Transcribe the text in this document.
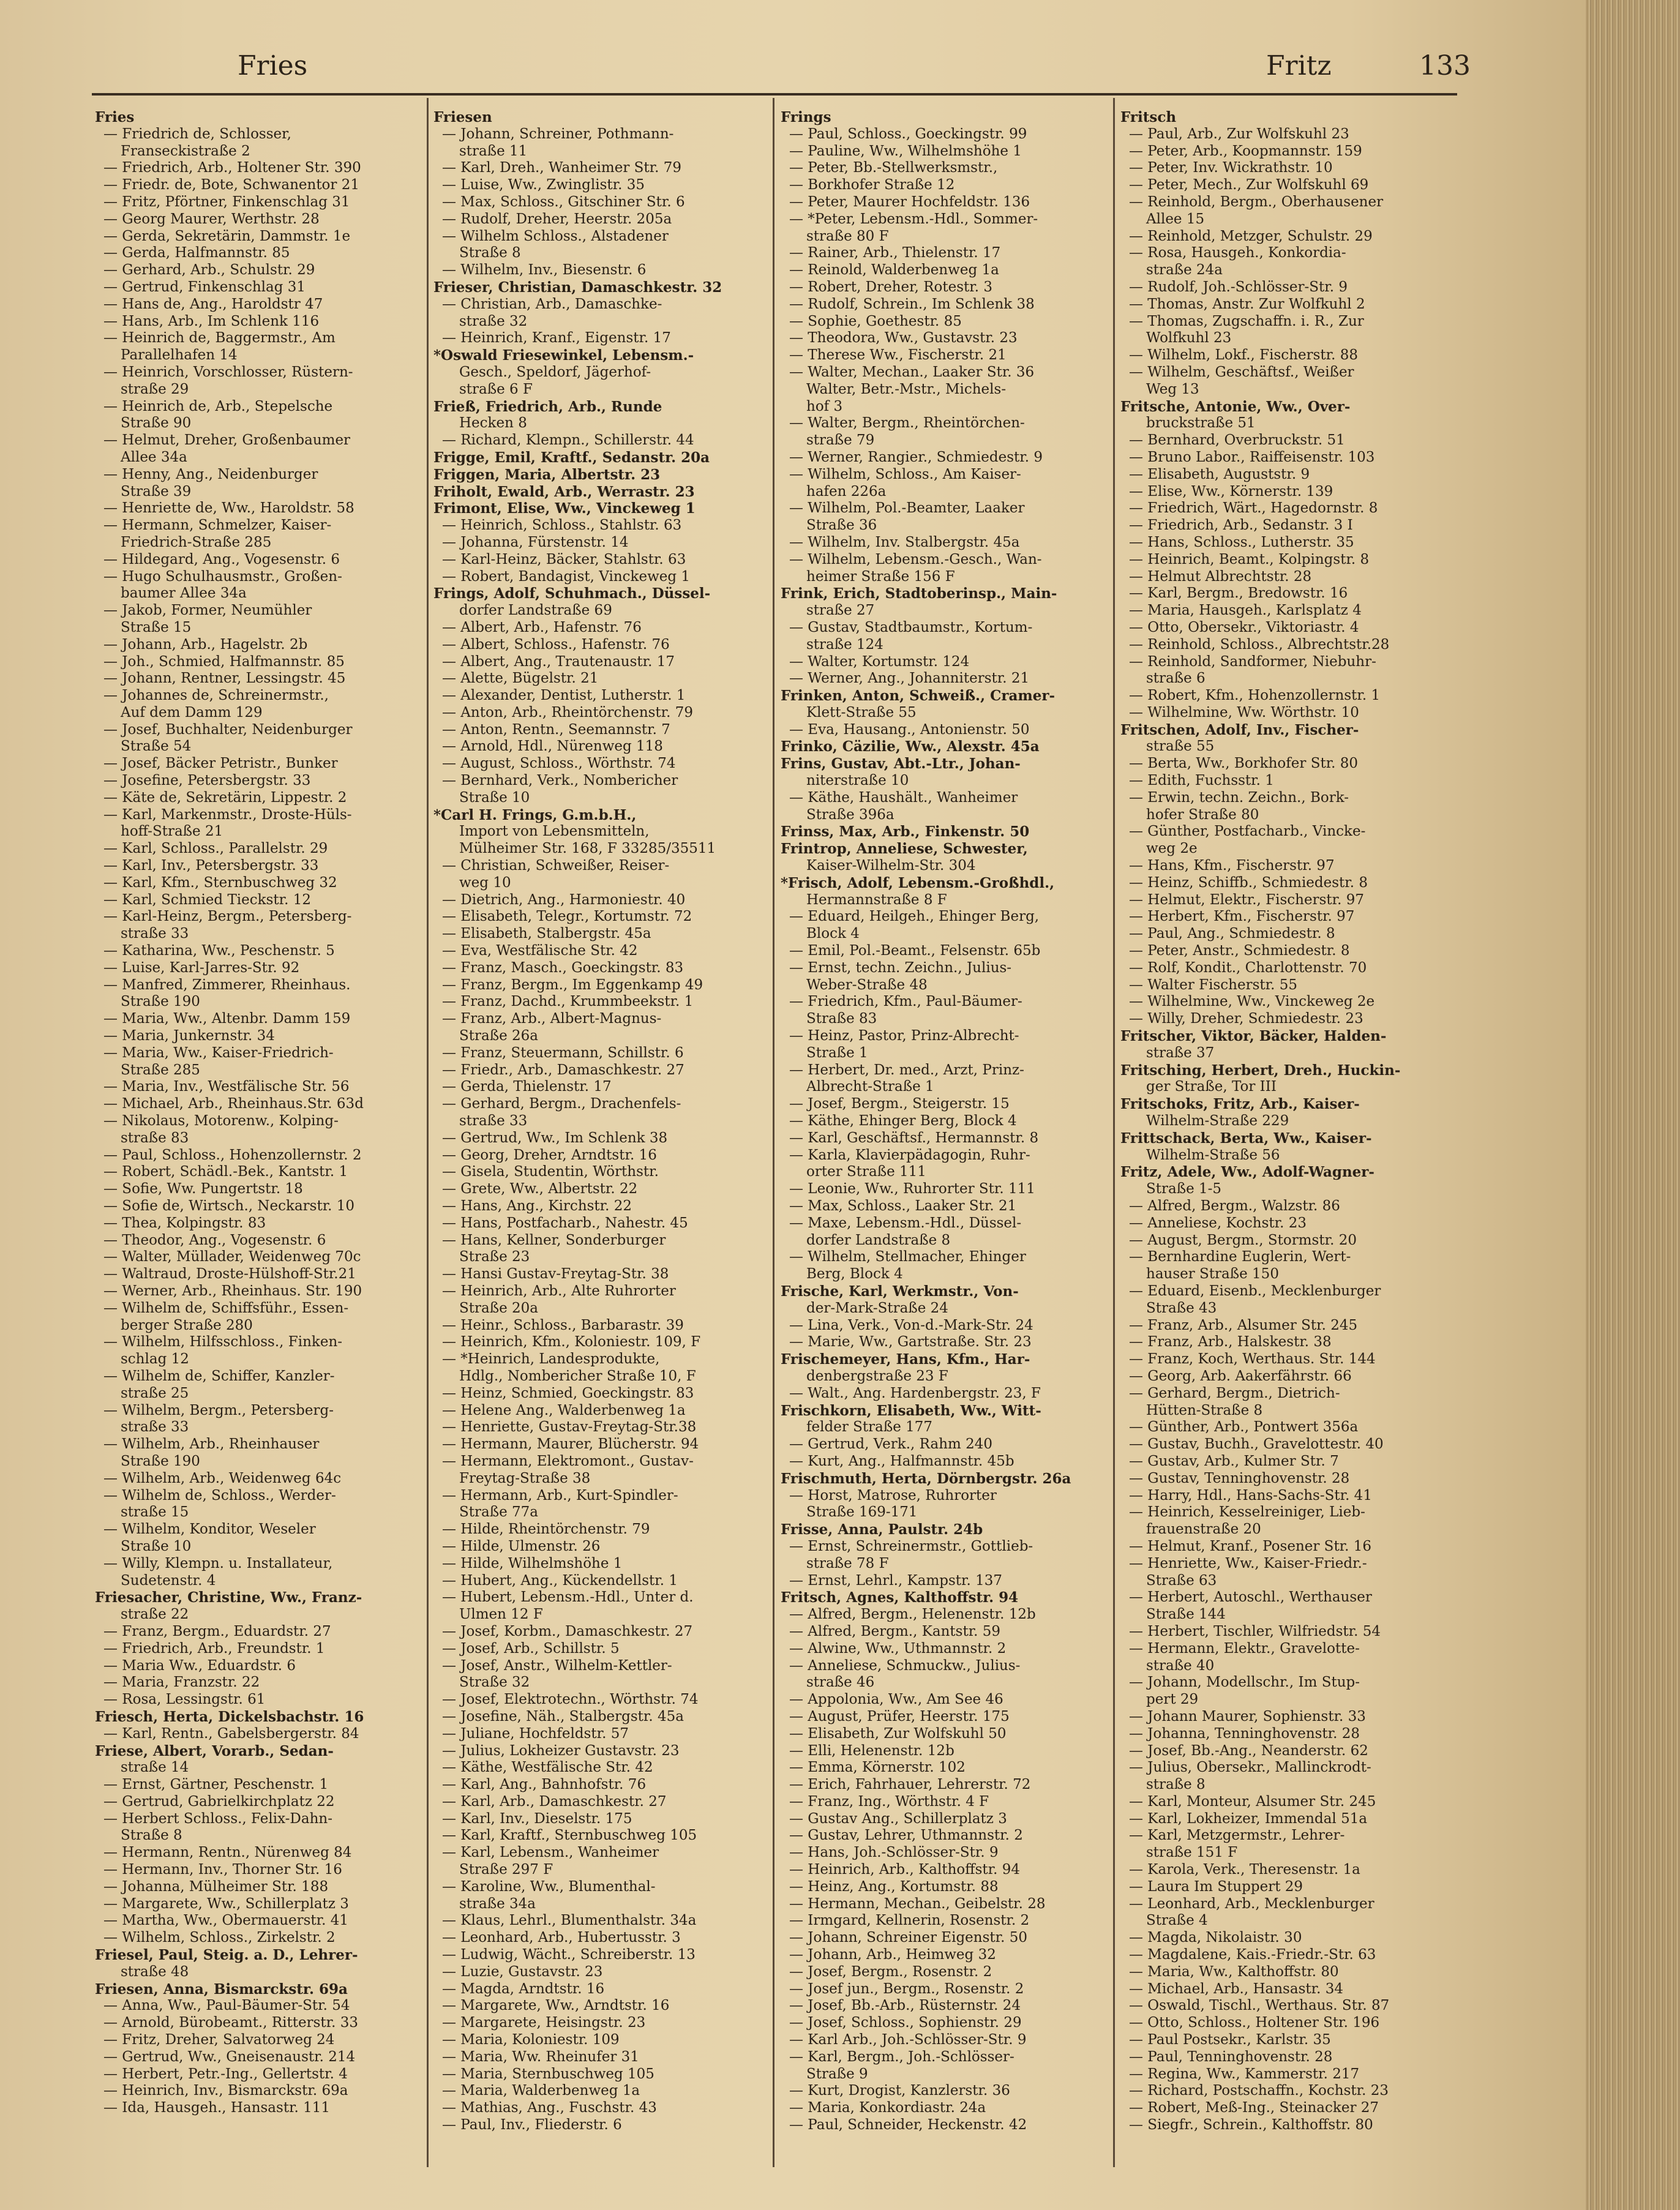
Fries	Fritz	133
Fries
— Friedrich de, Schlosser,
Franseckistraße 2
— Friedrich, Arb., Holtener Str. 390
— Friedr. de, Bote, Schwanentor 21
— Fritz, Pförtner, Finkenschlag 31
— Georg Maurer, Werthstr. 28
— Gerda, Sekretärin, Dammstr. 1e
— Gerda, Halfmannstr. 85
— Gerhard, Arb., Schulstr. 29
— Gertrud, Finkenschlag 31
— Hans de, Ang., Haroldstr 47
— Hans, Arb., Im Schlenk 116
— Heinrich de, Baggermstr., Am
Parallelhafen 14
— Heinrich, Vorschlosser, Rüstern-
straße 29
— Heinrich de, Arb., Stepelsche
Straße 90
— Helmut, Dreher, Großenbaumer
Allee 34a
— Henny, Ang., Neidenburger
Straße 39
— Henriette de, Ww., Haroldstr. 58
— Hermann, Schmelzer, Kaiser-
Friedrich-Straße 285
— Hildegard, Ang., Vogesenstr. 6
— Hugo Schulhausmstr., Großen-
baumer Allee 34a
— Jakob, Former, Neumühler
Straße 15
— Johann, Arb., Hagelstr. 2b
— Joh., Schmied, Halfmannstr. 85
— Johann, Rentner, Lessingstr. 45
— Johannes de, Schreinermstr.,
Auf dem Damm 129
— Josef, Buchhalter, Neidenburger
Straße 54
— Josef, Bäcker Petristr., Bunker
— Josefine, Petersbergstr. 33
— Käte de, Sekretärin, Lippestr. 2
— Karl, Markenmstr., Droste-Hüls-
hoff-Straße 21
— Karl, Schloss., Parallelstr. 29
— Karl, Inv., Petersbergstr. 33
— Karl, Kfm., Sternbuschweg 32
— Karl, Schmied Tieckstr. 12
— Karl-Heinz, Bergm., Petersberg-
straße 33
— Katharina, Ww., Peschenstr. 5
— Luise, Karl-Jarres-Str. 92
— Manfred, Zimmerer, Rheinhaus.
Straße 190
— Maria, Ww., Altenbr. Damm 159
— Maria, Junkernstr. 34
— Maria, Ww., Kaiser-Friedrich-
Straße 285
— Maria, Inv., Westfälische Str. 56
— Michael, Arb., Rheinhaus.Str. 63d
— Nikolaus, Motorenw., Kolping-
straße 83
— Paul, Schloss., Hohenzollernstr. 2
— Robert, Schädl.-Bek., Kantstr. 1
— Sofie, Ww. Pungertstr. 18
— Sofie de, Wirtsch., Neckarstr. 10
— Thea, Kolpingstr. 83
— Theodor, Ang., Vogesenstr. 6
— Walter, Müllader, Weidenweg 70c
— Waltraud, Droste-Hülshoff-Str.21
— Werner, Arb., Rheinhaus. Str. 190
— Wilhelm de, Schiffsführ., Essen-
berger Straße 280
— Wilhelm, Hilfsschloss., Finken-
schlag 12
— Wilhelm de, Schiffer, Kanzler-
straße 25
— Wilhelm, Bergm., Petersberg-
straße 33
— Wilhelm, Arb., Rheinhauser
Straße 190
— Wilhelm, Arb., Weidenweg 64c
— Wilhelm de, Schloss., Werder-
straße 15
— Wilhelm, Konditor, Weseler
Straße 10
— Willy, Klempn. u. Installateur,
Sudetenstr. 4
Friesacher, Christine, Ww., Franz-
straße 22
— Franz, Bergm., Eduardstr. 27
— Friedrich, Arb., Freundstr. 1
— Maria Ww., Eduardstr. 6
— Maria, Franzstr. 22
— Rosa, Lessingstr. 61
Friesch, Herta, Dickelsbachstr. 16
— Karl, Rentn., Gabelsbergerstr. 84
Friese, Albert, Vorarb., Sedan-
straße 14
— Ernst, Gärtner, Peschenstr. 1
— Gertrud, Gabrielkirchplatz 22
— Herbert Schloss., Felix-Dahn-
Straße 8
— Hermann, Rentn., Nürenweg 84
— Hermann, Inv., Thorner Str. 16
— Johanna, Mülheimer Str. 188
— Margarete, Ww., Schillerplatz 3
— Martha, Ww., Obermauerstr. 41
— Wilhelm, Schloss., Zirkelstr. 2
Friesel, Paul, Steig. a. D., Lehrer-
straße 48
Friesen, Anna, Bismarckstr. 69a
— Anna, Ww., Paul-Bäumer-Str. 54
— Arnold, Bürobeamt., Ritterstr. 33
— Fritz, Dreher, Salvatorweg 24
— Gertrud, Ww., Gneisenaustr. 214
— Herbert, Petr.-Ing., Gellertstr. 4
— Heinrich, Inv., Bismarckstr. 69a
— Ida, Hausgeh., Hansastr. 111
Friesen
— Johann, Schreiner, Pothmann-
straße 11
— Karl, Dreh., Wanheimer Str. 79
— Luise, Ww., Zwinglistr. 35
— Max, Schloss., Gitschiner Str. 6
— Rudolf, Dreher, Heerstr. 205a
— Wilhelm Schloss., Alstadener
Straße 8
— Wilhelm, Inv., Biesenstr. 6
Frieser, Christian, Damaschkestr. 32
— Christian, Arb., Damaschke-
straße 32
— Heinrich, Kranf., Eigenstr. 17
*Oswald Friesewinkel, Lebensm.-
Gesch., Speldorf, Jägerhof-
straße 6 F
Frieß, Friedrich, Arb., Runde
Hecken 8
— Richard, Klempn., Schillerstr. 44
Frigge, Emil, Kraftf., Sedanstr. 20a
Friggen, Maria, Albertstr. 23
Friholt, Ewald, Arb., Werrastr. 23
Frimont, Elise, Ww., Vinckeweg 1
— Heinrich, Schloss., Stahlstr. 63
— Johanna, Fürstenstr. 14
— Karl-Heinz, Bäcker, Stahlstr. 63
— Robert, Bandagist, Vinckeweg 1
Frings, Adolf, Schuhmach., Düssel-
dorfer Landstraße 69
— Albert, Arb., Hafenstr. 76
— Albert, Schloss., Hafenstr. 76
— Albert, Ang., Trautenaustr. 17
— Alette, Bügelstr. 21
— Alexander, Dentist, Lutherstr. 1
— Anton, Arb., Rheintörchenstr. 79
— Anton, Rentn., Seemannstr. 7
— Arnold, Hdl., Nürenweg 118
— August, Schloss., Wörthstr. 74
— Bernhard, Verk., Nombericher
Straße 10
*Carl H. Frings, G.m.b.H.,
Import von Lebensmitteln,
Mülheimer Str. 168, F 33285/35511
— Christian, Schweißer, Reiser-
weg 10
— Dietrich, Ang., Harmoniestr. 40
— Elisabeth, Telegr., Kortumstr. 72
— Elisabeth, Stalbergstr. 45a
— Eva, Westfälische Str. 42
— Franz, Masch., Goeckingstr. 83
— Franz, Bergm., Im Eggenkamp 49
— Franz, Dachd., Krummbeekstr. 1
— Franz, Arb., Albert-Magnus-
Straße 26a
— Franz, Steuermann, Schillstr. 6
— Friedr., Arb., Damaschkestr. 27
— Gerda, Thielenstr. 17
— Gerhard, Bergm., Drachenfels-
straße 33
— Gertrud, Ww., Im Schlenk 38
— Georg, Dreher, Arndtstr. 16
— Gisela, Studentin, Wörthstr.
— Grete, Ww., Albertstr. 22
— Hans, Ang., Kirchstr. 22
— Hans, Postfacharb., Nahestr. 45
— Hans, Kellner, Sonderburger
Straße 23
— Hansi Gustav-Freytag-Str. 38
— Heinrich, Arb., Alte Ruhrorter
Straße 20a
— Heinr., Schloss., Barbarastr. 39
— Heinrich, Kfm., Koloniestr. 109, F
— *Heinrich, Landesprodukte,
Hdlg., Nombericher Straße 10, F
— Heinz, Schmied, Goeckingstr. 83
— Helene Ang., Walderbenweg 1a
— Henriette, Gustav-Freytag-Str.38
— Hermann, Maurer, Blücherstr. 94
— Hermann, Elektromont., Gustav-
Freytag-Straße 38
— Hermann, Arb., Kurt-Spindler-
Straße 77a
— Hilde, Rheintörchenstr. 79
— Hilde, Ulmenstr. 26
— Hilde, Wilhelmshöhe 1
— Hubert, Ang., Kückendellstr. 1
— Hubert, Lebensm.-Hdl., Unter d.
Ulmen 12 F
— Josef, Korbm., Damaschkestr. 27
— Josef, Arb., Schillstr. 5
— Josef, Anstr., Wilhelm-Kettler-
Straße 32
— Josef, Elektrotechn., Wörthstr. 74
— Josefine, Näh., Stalbergstr. 45a
— Juliane, Hochfeldstr. 57
— Julius, Lokheizer Gustavstr. 23
— Käthe, Westfälische Str. 42
— Karl, Ang., Bahnhofstr. 76
— Karl, Arb., Damaschkestr. 27
— Karl, Inv., Dieselstr. 175
— Karl, Kraftf., Sternbuschweg 105
— Karl, Lebensm., Wanheimer
Straße 297 F
— Karoline, Ww., Blumenthal-
straße 34a
— Klaus, Lehrl., Blumenthalstr. 34a
— Leonhard, Arb., Hubertusstr. 3
— Ludwig, Wächt., Schreiberstr. 13
— Luzie, Gustavstr. 23
— Magda, Arndtstr. 16
— Margarete, Ww., Arndtstr. 16
— Margarete, Heisingstr. 23
— Maria, Koloniestr. 109
— Maria, Ww. Rheinufer 31
— Maria, Sternbuschweg 105
— Maria, Walderbenweg 1a
— Mathias, Ang., Fuschstr. 43
— Paul, Inv., Fliederstr. 6
Frings
— Paul, Schloss., Goeckingstr. 99
— Pauline, Ww., Wilhelmshöhe 1
— Peter, Bb.-Stellwerksmstr.,
— Borkhofer Straße 12
— Peter, Maurer Hochfeldstr. 136
— *Peter, Lebensm.-Hdl., Sommer-
straße 80 F
— Rainer, Arb., Thielenstr. 17
— Reinold, Walderbenweg 1a
— Robert, Dreher, Rotestr. 3
— Rudolf, Schrein., Im Schlenk 38
— Sophie, Goethestr. 85
— Theodora, Ww., Gustavstr. 23
— Therese Ww., Fischerstr. 21
— Walter, Mechan., Laaker Str. 36
Walter, Betr.-Mstr., Michels-
hof 3
— Walter, Bergm., Rheintörchen-
straße 79
— Werner, Rangier., Schmiedestr. 9
— Wilhelm, Schloss., Am Kaiser-
hafen 226a
— Wilhelm, Pol.-Beamter, Laaker
Straße 36
— Wilhelm, Inv. Stalbergstr. 45a
— Wilhelm, Lebensm.-Gesch., Wan-
heimer Straße 156 F
Frink, Erich, Stadtoberinsp., Main-
straße 27
— Gustav, Stadtbaumstr., Kortum-
straße 124
— Walter, Kortumstr. 124
— Werner, Ang., Johanniterstr. 21
Frinken, Anton, Schweiß., Cramer-
Klett-Straße 55
— Eva, Hausang., Antonienstr. 50
Frinko, Cäzilie, Ww., Alexstr. 45a
Frins, Gustav, Abt.-Ltr., Johan-
niterstraße 10
— Käthe, Haushält., Wanheimer
Straße 396a
Frinss, Max, Arb., Finkenstr. 50
Frintrop, Anneliese, Schwester,
Kaiser-Wilhelm-Str. 304
*Frisch, Adolf, Lebensm.-Großhdl.,
Hermannstraße 8 F
— Eduard, Heilgeh., Ehinger Berg,
Block 4
— Emil, Pol.-Beamt., Felsenstr. 65b
— Ernst, techn. Zeichn., Julius-
Weber-Straße 48
— Friedrich, Kfm., Paul-Bäumer-
Straße 83
— Heinz, Pastor, Prinz-Albrecht-
Straße 1
— Herbert, Dr. med., Arzt, Prinz-
Albrecht-Straße 1
— Josef, Bergm., Steigerstr. 15
— Käthe, Ehinger Berg, Block 4
— Karl, Geschäftsf., Hermannstr. 8
— Karla, Klavierpädagogin, Ruhr-
orter Straße 111
— Leonie, Ww., Ruhrorter Str. 111
— Max, Schloss., Laaker Str. 21
— Maxe, Lebensm.-Hdl., Düssel-
dorfer Landstraße 8
— Wilhelm, Stellmacher, Ehinger
Berg, Block 4
Frische, Karl, Werkmstr., Von-
der-Mark-Straße 24
— Lina, Verk., Von-d.-Mark-Str. 24
— Marie, Ww., Gartstraße. Str. 23
Frischemeyer, Hans, Kfm., Har-
denbergstraße 23 F
— Walt., Ang. Hardenbergstr. 23, F
Frischkorn, Elisabeth, Ww., Witt-
felder Straße 177
— Gertrud, Verk., Rahm 240
— Kurt, Ang., Halfmannstr. 45b
Frischmuth, Herta, Dörnbergstr. 26a
— Horst, Matrose, Ruhrorter
Straße 169-171
Frisse, Anna, Paulstr. 24b
— Ernst, Schreinermstr., Gottlieb-
straße 78 F
— Ernst, Lehrl., Kampstr. 137
Fritsch, Agnes, Kalthoffstr. 94
— Alfred, Bergm., Helenenstr. 12b
— Alfred, Bergm., Kantstr. 59
— Alwine, Ww., Uthmannstr. 2
— Anneliese, Schmuckw., Julius-
straße 46
— Appolonia, Ww., Am See 46
— August, Prüfer, Heerstr. 175
— Elisabeth, Zur Wolfskuhl 50
— Elli, Helenenstr. 12b
— Emma, Körnerstr. 102
— Erich, Fahrhauer, Lehrerstr. 72
— Franz, Ing., Wörthstr. 4 F
— Gustav Ang., Schillerplatz 3
— Gustav, Lehrer, Uthmannstr. 2
— Hans, Joh.-Schlösser-Str. 9
— Heinrich, Arb., Kalthoffstr. 94
— Heinz, Ang., Kortumstr. 88
— Hermann, Mechan., Geibelstr. 28
— Irmgard, Kellnerin, Rosenstr. 2
— Johann, Schreiner Eigenstr. 50
— Johann, Arb., Heimweg 32
— Josef, Bergm., Rosenstr. 2
— Josef jun., Bergm., Rosenstr. 2
— Josef, Bb.-Arb., Rüsternstr. 24
— Josef, Schloss., Sophienstr. 29
— Karl Arb., Joh.-Schlösser-Str. 9
— Karl, Bergm., Joh.-Schlösser-
Straße 9
— Kurt, Drogist, Kanzlerstr. 36
— Maria, Konkordiastr. 24a
— Paul, Schneider, Heckenstr. 42
Fritsch
— Paul, Arb., Zur Wolfskuhl 23
— Peter, Arb., Koopmannstr. 159
— Peter, Inv. Wickrathstr. 10
— Peter, Mech., Zur Wolfskuhl 69
— Reinhold, Bergm., Oberhausener
Allee 15
— Reinhold, Metzger, Schulstr. 29
— Rosa, Hausgeh., Konkordia-
straße 24a
— Rudolf, Joh.-Schlösser-Str. 9
— Thomas, Anstr. Zur Wolfkuhl 2
— Thomas, Zugschaffn. i. R., Zur
Wolfkuhl 23
— Wilhelm, Lokf., Fischerstr. 88
— Wilhelm, Geschäftsf., Weißer
Weg 13
Fritsche, Antonie, Ww., Over-
bruckstraße 51
— Bernhard, Overbruckstr. 51
— Bruno Labor., Raiffeisenstr. 103
— Elisabeth, Auguststr. 9
— Elise, Ww., Körnerstr. 139
— Friedrich, Wärt., Hagedornstr. 8
— Friedrich, Arb., Sedanstr. 3 I
— Hans, Schloss., Lutherstr. 35
— Heinrich, Beamt., Kolpingstr. 8
— Helmut Albrechtstr. 28
— Karl, Bergm., Bredowstr. 16
— Maria, Hausgeh., Karlsplatz 4
— Otto, Obersekr., Viktoriastr. 4
— Reinhold, Schloss., Albrechtstr.28
— Reinhold, Sandformer, Niebuhr-
straße 6
— Robert, Kfm., Hohenzollernstr. 1
— Wilhelmine, Ww. Wörthstr. 10
Fritschen, Adolf, Inv., Fischer-
straße 55
— Berta, Ww., Borkhofer Str. 80
— Edith, Fuchsstr. 1
— Erwin, techn. Zeichn., Bork-
hofer Straße 80
— Günther, Postfacharb., Vincke-
weg 2e
— Hans, Kfm., Fischerstr. 97
— Heinz, Schiffb., Schmiedestr. 8
— Helmut, Elektr., Fischerstr. 97
— Herbert, Kfm., Fischerstr. 97
— Paul, Ang., Schmiedestr. 8
— Peter, Anstr., Schmiedestr. 8
— Rolf, Kondit., Charlottenstr. 70
— Walter Fischerstr. 55
— Wilhelmine, Ww., Vinckeweg 2e
— Willy, Dreher, Schmiedestr. 23
Fritscher, Viktor, Bäcker, Halden-
straße 37
Fritsching, Herbert, Dreh., Huckin-
ger Straße, Tor III
Fritschoks, Fritz, Arb., Kaiser-
Wilhelm-Straße 229
Frittschack, Berta, Ww., Kaiser-
Wilhelm-Straße 56
Fritz, Adele, Ww., Adolf-Wagner-
Straße 1-5
— Alfred, Bergm., Walzstr. 86
— Anneliese, Kochstr. 23
— August, Bergm., Stormstr. 20
— Bernhardine Euglerin, Wert-
hauser Straße 150
— Eduard, Eisenb., Mecklenburger
Straße 43
— Franz, Arb., Alsumer Str. 245
— Franz, Arb., Halskestr. 38
— Franz, Koch, Werthaus. Str. 144
— Georg, Arb. Aakerfährstr. 66
— Gerhard, Bergm., Dietrich-
Hütten-Straße 8
— Günther, Arb., Pontwert 356a
— Gustav, Buchh., Gravelottestr. 40
— Gustav, Arb., Kulmer Str. 7
— Gustav, Tenninghovenstr. 28
— Harry, Hdl., Hans-Sachs-Str. 41
— Heinrich, Kesselreiniger, Lieb-
frauenstraße 20
— Helmut, Kranf., Posener Str. 16
— Henriette, Ww., Kaiser-Friedr.-
Straße 63
— Herbert, Autoschl., Werthauser
Straße 144
— Herbert, Tischler, Wilfriedstr. 54
— Hermann, Elektr., Gravelotte-
straße 40
— Johann, Modellschr., Im Stup-
pert 29
— Johann Maurer, Sophienstr. 33
— Johanna, Tenninghovenstr. 28
— Josef, Bb.-Ang., Neanderstr. 62
— Julius, Obersekr., Mallinckrodt-
straße 8
— Karl, Monteur, Alsumer Str. 245
— Karl, Lokheizer, Immendal 51a
— Karl, Metzgermstr., Lehrer-
straße 151 F
— Karola, Verk., Theresenstr. 1a
— Laura Im Stuppert 29
— Leonhard, Arb., Mecklenburger
Straße 4
— Magda, Nikolaistr. 30
— Magdalene, Kais.-Friedr.-Str. 63
— Maria, Ww., Kalthoffstr. 80
— Michael, Arb., Hansastr. 34
— Oswald, Tischl., Werthaus. Str. 87
— Otto, Schloss., Holtener Str. 196
— Paul Postsekr., Karlstr. 35
— Paul, Tenninghovenstr. 28
— Regina, Ww., Kammerstr. 217
— Richard, Postschaffn., Kochstr. 23
— Robert, Meß-Ing., Steinacker 27
— Siegfr., Schrein., Kalthoffstr. 80
